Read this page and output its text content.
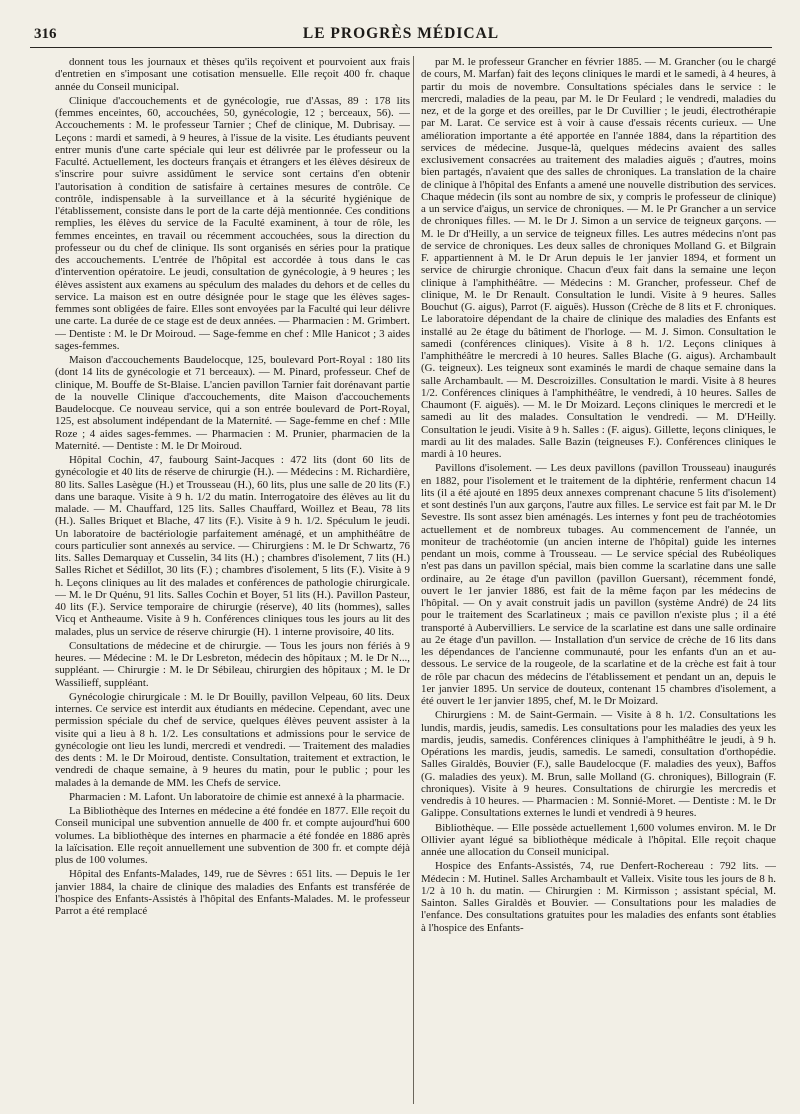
316	LE PROGRÈS MÉDICAL

donnent tous les journaux et thèses qu'ils reçoivent et pourvoient aux frais d'entretien en s'imposant une cotisation mensuelle. Elle reçoit 400 fr. chaque année du Conseil municipal.

Clinique d'accouchements et de gynécologie, rue d'Assas, 89 : 178 lits (femmes enceintes, 60, accouchées, 50, gynécologie, 12 ; berceaux, 56). — Accouchements : M. le professeur Tarnier ; Chef de clinique, M. Dubrisay. — Leçons : mardi et samedi, à 9 heures, à l'issue de la visite. Les étudiants peuvent entrer munis d'une carte spéciale qui leur est délivrée par le professeur ou la Faculté. Actuellement, les docteurs français et étrangers et les élèves désireux de s'inscrire pour suivre assidûment le service sont certains d'en obtenir l'autorisation à condition de satisfaire à certaines mesures de contrôle. Ce contrôle, indispensable à la surveillance et à la sécurité hygiénique de l'établissement, consiste dans le port de la carte déjà mentionnée. Ces conditions remplies, les élèves du service de la Faculté examinent, à tour de rôle, les femmes enceintes, en travail ou récemment accouchées, sous la direction du professeur ou du chef de clinique. Ils sont organisés en séries pour la pratique des accouchements. L'entrée de l'hôpital est accordée à tous dans le cas d'intervention opératoire. Le jeudi, consultation de gynécologie, à 9 heures ; les élèves assistent aux examens au spéculum des malades du dehors et de celles du service. La maison est en outre désignée pour le stage que les élèves sages-femmes sont obligées de faire. Elles sont envoyées par la Faculté qui leur délivre une carte. La durée de ce stage est de deux années. — Pharmacien : M. Grimbert. — Dentiste : M. le Dr Moiroud. — Sage-femme en chef : Mlle Hanicot ; 3 aides sages-femmes.

Maison d'accouchements Baudelocque, 125, boulevard Port-Royal : 180 lits (dont 14 lits de gynécologie et 71 berceaux). — M. Pinard, professeur. Chef de clinique, M. Bouffe de St-Blaise. L'ancien pavillon Tarnier fait dorénavant partie de la nouvelle Clinique d'accouchements, dite Maison d'accouchements Baudelocque. Ce nouveau service, qui a son entrée boulevard de Port-Royal, 125, est absolument indépendant de la Maternité. — Sage-femme en chef : Mlle Roze ; 4 aides sages-femmes. — Pharmacien : M. Prunier, pharmacien de la Maternité. — Dentiste : M. le Dr Moiroud.

Hôpital Cochin, 47, faubourg Saint-Jacques : 472 lits (dont 60 lits de gynécologie et 40 lits de réserve de chirurgie (H.). — Médecins : M. Richardière, 80 lits. Salles Lasègue (H.) et Trousseau (H.), 60 lits, plus une salle de 20 lits (F.) dans une baraque. Visite à 9 h. 1/2 du matin. Interrogatoire des élèves au lit du malade. — M. Chauffard, 125 lits. Salles Chauffard, Woillez et Beau, 78 lits (H.). Salles Briquet et Blache, 47 lits (F.). Visite à 9 h. 1/2. Spéculum le jeudi. Un laboratoire de bactériologie parfaitement aménagé, et un amphithéâtre de cours particulier sont annexés au service. — Chirurgiens : M. le Dr Schwartz, 76 lits. Salles Demarquay et Cusselin, 34 lits (H.) ; chambres d'isolement, 7 lits (H.) Salles Richet et Sédillot, 30 lits (F.) ; chambres d'isolement, 5 lits (F.). Visite à 9 h. Leçons cliniques au lit des malades et conférences de pathologie chirurgicale. — M. le Dr Quénu, 91 lits. Salles Cochin et Boyer, 51 lits (H.). Pavillon Pasteur, 40 lits (F.). Service temporaire de chirurgie (réserve), 40 lits (hommes), salles Vicq et Antheaume. Visite à 9 h. Conférences cliniques tous les jours au lit des malades, plus un service de réserve chirurgie (H). 1 interne provisoire, 40 lits.

Consultations de médecine et de chirurgie. — Tous les jours non fériés à 9 heures. — Médecine : M. le Dr Lesbreton, médecin des hôpitaux ; M. le Dr N..., suppléant. — Chirurgie : M. le Dr Sébileau, chirurgien des hôpitaux ; M. le Dr Wassilieff, suppléant.

Gynécologie chirurgicale : M. le Dr Bouilly, pavillon Velpeau, 60 lits. Deux internes. Ce service est interdit aux étudiants en médecine. Cependant, avec une permission spéciale du chef de service, quelques élèves peuvent assister à la visite qui a lieu à 8 h. 1/2. Les consultations et admissions pour le service de gynécologie ont lieu les lundi, mercredi et vendredi. — Traitement des maladies des dents : M. le Dr Moiroud, dentiste. Consultation, traitement et extraction, le vendredi de chaque semaine, à 9 heures du matin, pour le public ; pour les malades à la demande de MM. les Chefs de service.

Pharmacien : M. Lafont. Un laboratoire de chimie est annexé à la pharmacie.

La Bibliothèque des Internes en médecine a été fondée en 1877. Elle reçoit du Conseil municipal une subvention annuelle de 400 fr. et compte aujourd'hui 600 volumes. La bibliothèque des internes en pharmacie a été fondée en 1886 après la laïcisation. Elle reçoit annuellement une subvention de 300 fr. et compte déjà plus de 100 volumes.

Hôpital des Enfants-Malades, 149, rue de Sèvres : 651 lits. — Depuis le 1er janvier 1884, la chaire de clinique des maladies des Enfants est transférée de l'hospice des Enfants-Assistés à l'hôpital des Enfants-Malades. M. le professeur Parrot a été remplacé

par M. le professeur Grancher en février 1885. — M. Grancher (ou le chargé de cours, M. Marfan) fait des leçons cliniques le mardi et le samedi, à 4 heures, à partir du mois de novembre. Consultations spéciales dans le service : le mercredi, maladies de la peau, par M. le Dr Feulard ; le vendredi, maladies du nez, et de la gorge et des oreilles, par le Dr Cuvillier ; le jeudi, électrothérapie par M. Larat. Ce service est à voir à cause d'essais récents curieux. — Une amélioration importante a été apportée en l'année 1884, dans la répartition des services de médecine. Jusque-là, quelques médecins avaient des salles exclusivement consacrées au traitement des maladies aiguës ; d'autres, moins bien partagés, n'avaient que des salles de chroniques. La translation de la chaire de clinique à l'hôpital des Enfants a amené une nouvelle distribution des services. Chaque médecin (ils sont au nombre de six, y compris le professeur de clinique) a un service d'aigus, un service de chroniques. — M. le Pr Grancher a un service de chroniques filles. — M. le Dr J. Simon a un service de teigneux garçons. — M. le Dr d'Heilly, a un service de teigneux filles. Les autres médecins n'ont pas de service de chroniques. Les deux salles de chroniques Molland G. et Bilgrain F. appartiennent à M. le Dr Arun depuis le 1er janvier 1894, et forment un service de chirurgie chronique. Chacun d'eux fait dans la semaine une leçon clinique à l'amphithéâtre. — Médecins : M. Grancher, professeur. Chef de clinique, M. le Dr Renault. Consultation le lundi. Visite à 9 heures. Salles Bouchut (G. aigus), Parrot (F. aiguës). Husson (Crèche de 8 lits et F. chroniques. Le laboratoire dépendant de la chaire de clinique des maladies des Enfants est installé au 2e étage du bâtiment de l'horloge. — M. J. Simon. Consultation le samedi (conférences cliniques). Visite à 8 h. 1/2. Leçons cliniques à l'amphithéâtre le mercredi à 10 heures. Salles Blache (G. aigus). Archambault (G. teigneux). Les teigneux sont examinés le mardi de chaque semaine dans la salle Archambault. — M. Descroizilles. Consultation le mardi. Visite à 8 heures 1/2. Conférences cliniques à l'amphithéâtre, le vendredi, à 10 heures. Salles de Chaumont (F. aiguës). — M. le Dr Moizard. Leçons cliniques le mercredi et le samedi au lit des malades. Consultation le vendredi. — M. D'Heilly. Consultation le jeudi. Visite à 9 h. Salles : (F. aigus). Gillette, leçons cliniques, le mardi au lit des malades. Salle Bazin (teigneuses F.). Conférences cliniques le mardi à 10 heures.

Pavillons d'isolement. — Les deux pavillons (pavillon Trousseau) inaugurés en 1882, pour l'isolement et le traitement de la diphtérie, renferment chacun 14 lits (il a été ajouté en 1895 deux annexes comprenant chacune 5 lits d'isolement) et sont destinés l'un aux garçons, l'autre aux filles. Le service est fait par M. le Dr Sevestre. Ils sont assez bien aménagés. Les internes y font peu de trachéotomies actuellement et de nombreux tubages. Au commencement de l'année, un moniteur de trachéotomie (un ancien interne de l'hôpital) guide les internes pendant un mois, comme à Trousseau. — Le service spécial des Rubéoliques n'est pas dans un pavillon spécial, mais bien comme la scarlatine dans une salle ordinaire, au 2e étage d'un pavillon (pavillon Guersant), récemment fondé, ouvert le 1er janvier 1886, est fait de la même façon par les médecins de l'hôpital. — On y avait construit jadis un pavillon (système André) de 24 lits pour le traitement des Scarlatineux ; mais ce pavillon n'existe plus ; il a été transporté à Aubervilliers. Le service de la scarlatine est dans une salle ordinaire au 2e étage d'un pavillon. — Installation d'un service de crèche de 16 lits dans les dépendances de l'ancienne communauté, pour les enfants d'un an et au-dessous. Le service de la rougeole, de la scarlatine et de la crèche est fait à tour de rôle par chacun des médecins de l'établissement et pendant un an, depuis le 1er janvier 1895. Un service de douteux, contenant 15 chambres d'isolement, a été ouvert le 1er janvier 1895, chef, M. le Dr Moizard.

Chirurgiens : M. de Saint-Germain. — Visite à 8 h. 1/2. Consultations les lundis, mardis, jeudis, samedis. Les consultations pour les maladies des yeux les mardis, jeudis, samedis. Conférences cliniques à l'amphithéâtre le jeudi, à 9 h. Opérations les mardis, jeudis, samedis. Le samedi, consultation d'orthopédie. Salles Giraldès, Bouvier (F.), salle Baudelocque (F. maladies des yeux), Baffos (G. maladies des yeux). M. Brun, salle Molland (G. chroniques), Billograin (F. chroniques). Visite à 9 heures. Consultations de chirurgie les mercredis et vendredis à 10 heures. — Pharmacien : M. Sonnié-Moret. — Dentiste : M. le Dr Galippe. Consultations externes le lundi et vendredi à 9 heures.

Bibliothèque. — Elle possède actuellement 1,600 volumes environ. M. le Dr Ollivier ayant légué sa bibliothèque médicale à l'hôpital. Elle reçoit chaque année une allocation du Conseil municipal.

Hospice des Enfants-Assistés, 74, rue Denfert-Rochereau : 792 lits. — Médecin : M. Hutinel. Salles Archambault et Valleix. Visite tous les jours de 8 h. 1/2 à 10 h. du matin. — Chirurgien : M. Kirmisson ; assistant spécial, M. Sainton. Salles Giraldès et Bouvier. — Consultations pour les maladies de l'enfance. Des consultations gratuites pour les maladies des enfants sont établies à l'hospice des Enfants-
